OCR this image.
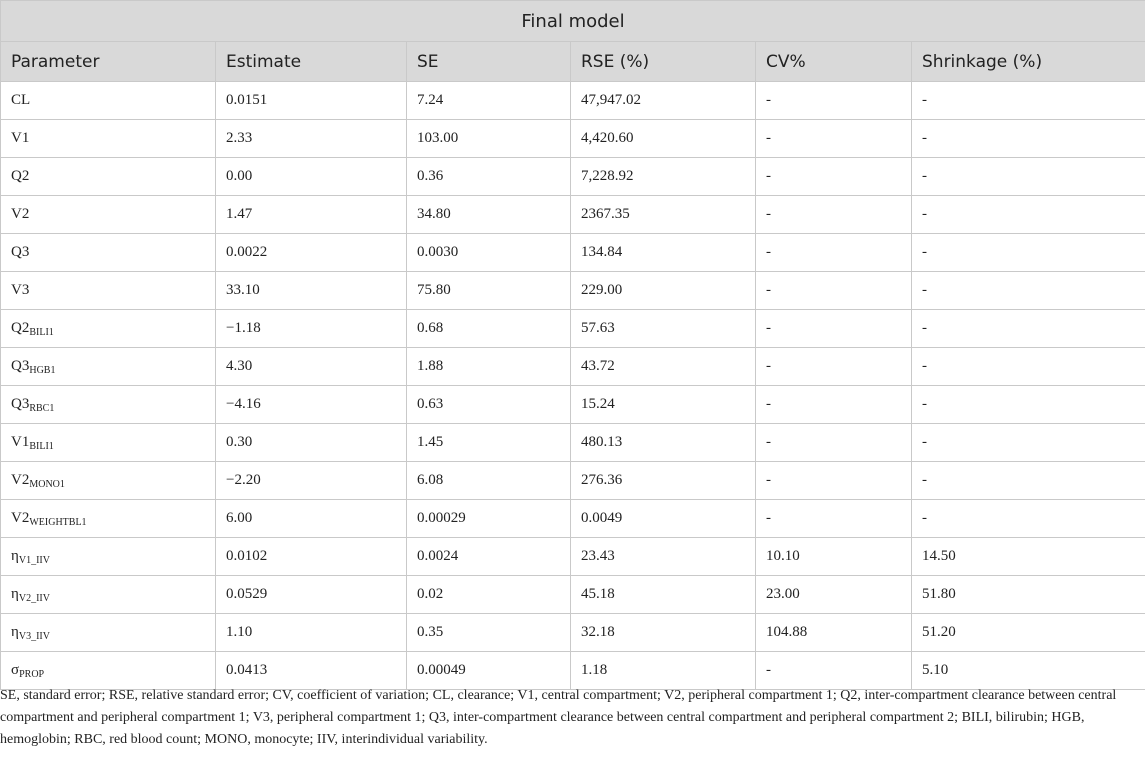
Final model					
Parameter	Estimate	SE	RSE (%)	CV%	Shrinkage (%)
CL	0.0151	7.24	47,947.02	-	-
V1	2.33	103.00	4,420.60	-	-
Q2	0.00	0.36	7,228.92	-	-
V2	1.47	34.80	2367.35	-	-
Q3	0.0022	0.0030	134.84	-	-
V3	33.10	75.80	229.00	-	-
$Q2_{BILI1}$	−1.18	0.68	57.63	-	-
$Q3_{HGB1}$	4.30	1.88	43.72	-	-
$Q3_{RBC1}$	−4.16	0.63	15.24	-	-
$V1_{BILI1}$	0.30	1.45	480.13	-	-
$V2_{MONO1}$	−2.20	6.08	276.36	-	-
$V2_{WEIGHTBL1}$	6.00	0.00029	0.0049	-	-
$\eta_{V1\_IIV}$	0.0102	0.0024	23.43	10.10	14.50
$\eta_{V2\_IIV}$	0.0529	0.02	45.18	23.00	51.80
$\eta_{V3\_IIV}$	1.10	0.35	32.18	104.88	51.20
$\sigma_{PROP}$	0.0413	0.00049	1.18	-	5.10
SE, standard error; RSE, relative standard error; CV, coefficient of variation; CL, clearance; V1, central compartment; V2, peripheral compartment 1; Q2, inter-compartment clearance between central compartment and peripheral compartment 1; V3, peripheral compartment 1; Q3, inter-compartment clearance between central compartment and peripheral compartment 2; BILI, bilirubin; HGB, hemoglobin; RBC, red blood count; MONO, monocyte; IIV, interindividual variability.
